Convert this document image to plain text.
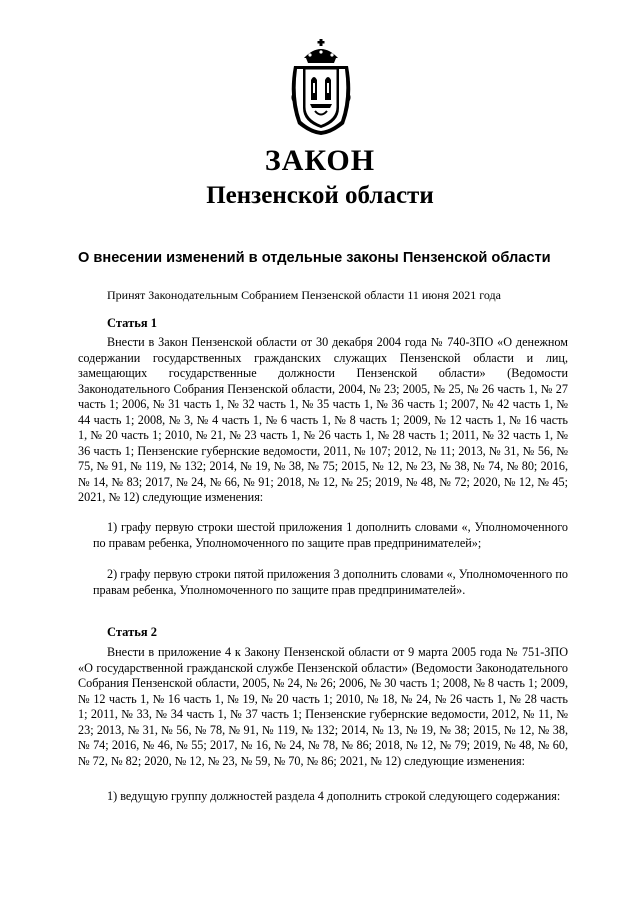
ЗАКОН
Пензенской области
О внесении изменений в отдельные законы Пензенской области
Принят Законодательным Собранием Пензенской области 11 июня 2021 года
Статья 1

Внести в Закон Пензенской области от 30 декабря 2004 года № 740-ЗПО «О денежном содержании государственных гражданских служащих Пензенской области и лиц, замещающих государственные должности Пензенской области» (Ведомости Законодательного Собрания Пензенской области, 2004, № 23; 2005, № 25, № 26 часть 1, № 27 часть 1; 2006, № 31 часть 1, № 32 часть 1, № 35 часть 1, № 36 часть 1; 2007, № 42 часть 1, № 44 часть 1; 2008, № 3, № 4 часть 1, № 6 часть 1, № 8 часть 1; 2009, № 12 часть 1, № 16 часть 1, № 20 часть 1; 2010, № 21, № 23 часть 1, № 26 часть 1, № 28 часть 1; 2011, № 32 часть 1, № 36 часть 1; Пензенские губернские ведомости, 2011, № 107; 2012, № 11; 2013, № 31, № 56, № 75, № 91, № 119, № 132; 2014, № 19, № 38, № 75; 2015, № 12, № 23, № 38, № 74, № 80; 2016, № 14, № 83; 2017, № 24, № 66, № 91; 2018, № 12, № 25; 2019, № 48, № 72; 2020, № 12, № 45; 2021, № 12) следующие изменения:

1) графу первую строки шестой приложения 1 дополнить словами «, Уполномоченного по правам ребенка, Уполномоченного по защите прав предпринимателей»;

2) графу первую строки пятой приложения 3 дополнить словами «, Уполномоченного по правам ребенка, Уполномоченного по защите прав предпринимателей».

Статья 2

Внести в приложение 4 к Закону Пензенской области от 9 марта 2005 года № 751-ЗПО «О государственной гражданской службе Пензенской области» (Ведомости Законодательного Собрания Пензенской области, 2005, № 24, № 26; 2006, № 30 часть 1; 2008, № 8 часть 1; 2009, № 12 часть 1, № 16 часть 1, № 19, № 20 часть 1; 2010, № 18, № 24, № 26 часть 1, № 28 часть 1; 2011, № 33, № 34 часть 1, № 37 часть 1; Пензенские губернские ведомости, 2012, № 11, № 23; 2013, № 31, № 56, № 78, № 91, № 119, № 132; 2014, № 13, № 19, № 38; 2015, № 12, № 38, № 74; 2016, № 46, № 55; 2017, № 16, № 24, № 78, № 86; 2018, № 12, № 79; 2019, № 48, № 60, № 72, № 82; 2020, № 12, № 23, № 59, № 70, № 86; 2021, № 12) следующие изменения:

1) ведущую группу должностей раздела 4 дополнить строкой следующего содержания:
